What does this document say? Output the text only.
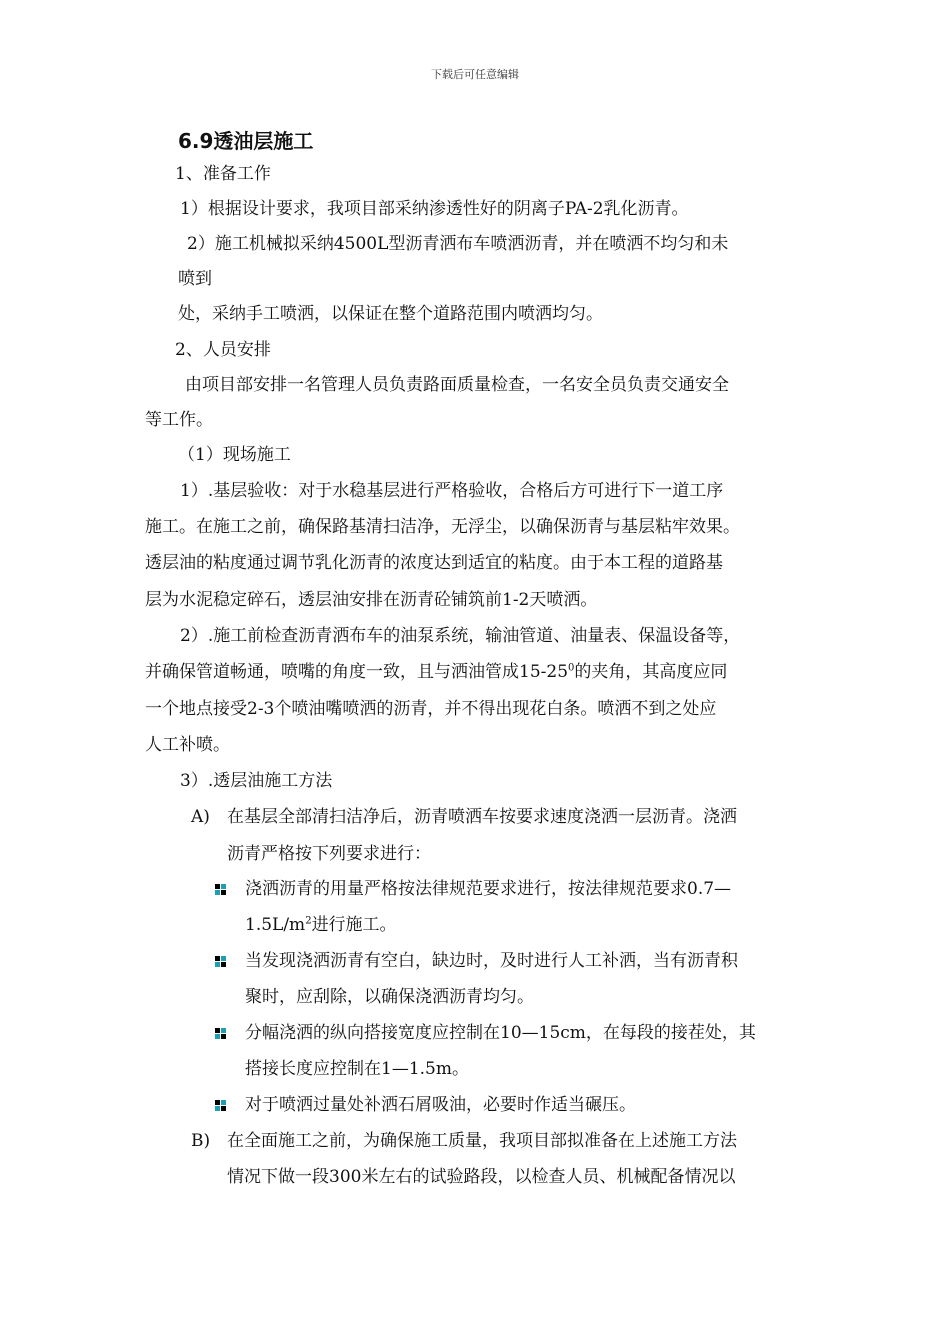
下载后可任意编辑
6.9透油层施工
1、准备工作
1）根据设计要求，我项目部采纳渗透性好的阴离子PA-2乳化沥青。
2）施工机械拟采纳4500L型沥青洒布车喷洒沥青，并在喷洒不均匀和未
喷到
处，采纳手工喷洒，以保证在整个道路范围内喷洒均匀。
2、人员安排
由项目部安排一名管理人员负责路面质量检查，一名安全员负责交通安全
等工作。
（1）现场施工
1）.基层验收：对于水稳基层进行严格验收，合格后方可进行下一道工序
施工。在施工之前，确保路基清扫洁净，无浮尘，以确保沥青与基层粘牢效果。
透层油的粘度通过调节乳化沥青的浓度达到适宜的粘度。由于本工程的道路基
层为水泥稳定碎石，透层油安排在沥青砼铺筑前1-2天喷洒。
2）.施工前检查沥青洒布车的油泵系统，输油管道、油量表、保温设备等，
并确保管道畅通，喷嘴的角度一致，且与洒油管成$15-25^0$的夹角，其高度应同
一个地点接受2-3个喷油嘴喷洒的沥青，并不得出现花白条。喷洒不到之处应
人工补喷。
3）.透层油施工方法
A) 在基层全部清扫洁净后，沥青喷洒车按要求速度浇洒一层沥青。浇洒
沥青严格按下列要求进行：
浇洒沥青的用量严格按法律规范要求进行，按法律规范要求0.7—
$1.5L/m^2$进行施工。
当发现浇洒沥青有空白，缺边时，及时进行人工补洒，当有沥青积
聚时，应刮除，以确保浇洒沥青均匀。
分幅浇洒的纵向搭接宽度应控制在10—15cm，在每段的接茬处，其
搭接长度应控制在1—1.5m。
对于喷洒过量处补洒石屑吸油，必要时作适当碾压。
B) 在全面施工之前，为确保施工质量，我项目部拟准备在上述施工方法
情况下做一段300米左右的试验路段，以检查人员、机械配备情况以
